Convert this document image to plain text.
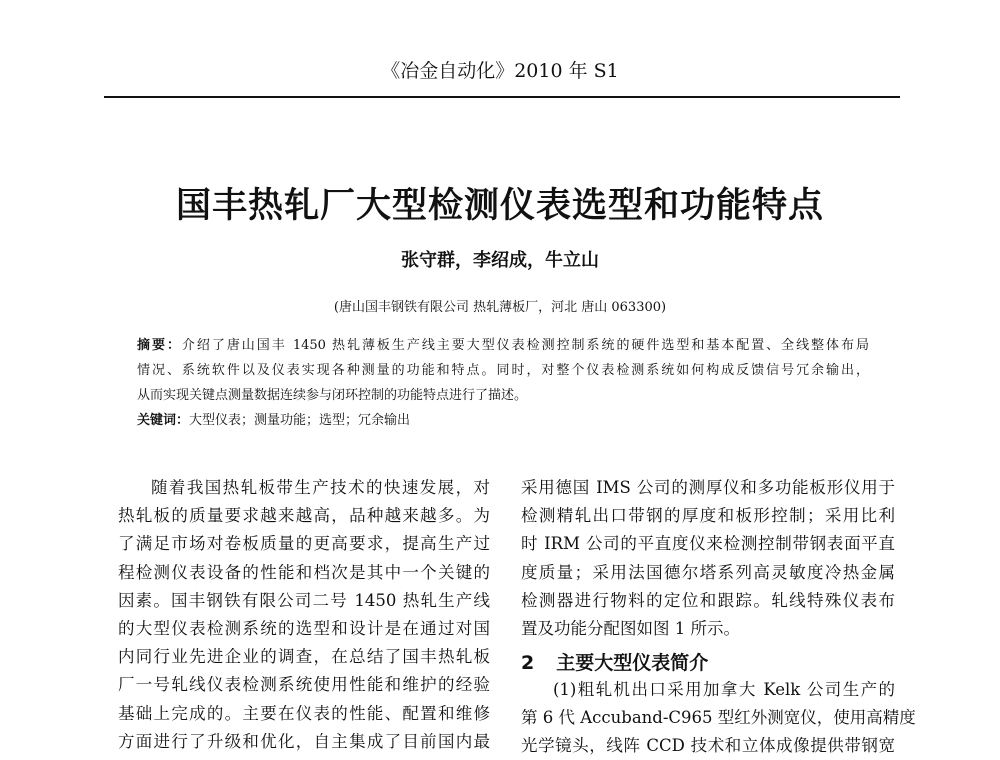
《冶金自动化》2010 年 S1
国丰热轧厂大型检测仪表选型和功能特点
张守群，李绍成，牛立山
(唐山国丰钢铁有限公司 热轧薄板厂，河北 唐山 063300)
摘要：介绍了唐山国丰 1450 热轧薄板生产线主要大型仪表检测控制系统的硬件选型和基本配置、全线整体布局
情况、系统软件以及仪表实现各种测量的功能和特点。同时，对整个仪表检测系统如何构成反馈信号冗余输出，
从而实现关键点测量数据连续参与闭环控制的功能特点进行了描述。
关键词：大型仪表；测量功能；选型；冗余输出
随着我国热轧板带生产技术的快速发展，对
热轧板的质量要求越来越高，品种越来越多。为
了满足市场对卷板质量的更高要求，提高生产过
程检测仪表设备的性能和档次是其中一个关键的
因素。国丰钢铁有限公司二号 1450 热轧生产线
的大型仪表检测系统的选型和设计是在通过对国
内同行业先进企业的调查，在总结了国丰热轧板
厂一号轧线仪表检测系统使用性能和维护的经验
基础上完成的。主要在仪表的性能、配置和维修
方面进行了升级和优化，自主集成了目前国内最
采用德国 IMS 公司的测厚仪和多功能板形仪用于
检测精轧出口带钢的厚度和板形控制；采用比利
时 IRM 公司的平直度仪来检测控制带钢表面平直
度质量；采用法国德尔塔系列高灵敏度冷热金属
检测器进行物料的定位和跟踪。轧线特殊仪表布
置及功能分配图如图 1 所示。
(1)粗轧机出口采用加拿大 Kelk 公司生产的
第 6 代 Accuband-C965 型红外测宽仪，使用高精度
光学镜头，线阵 CCD 技术和立体成像提供带钢宽
2 主要大型仪表简介
